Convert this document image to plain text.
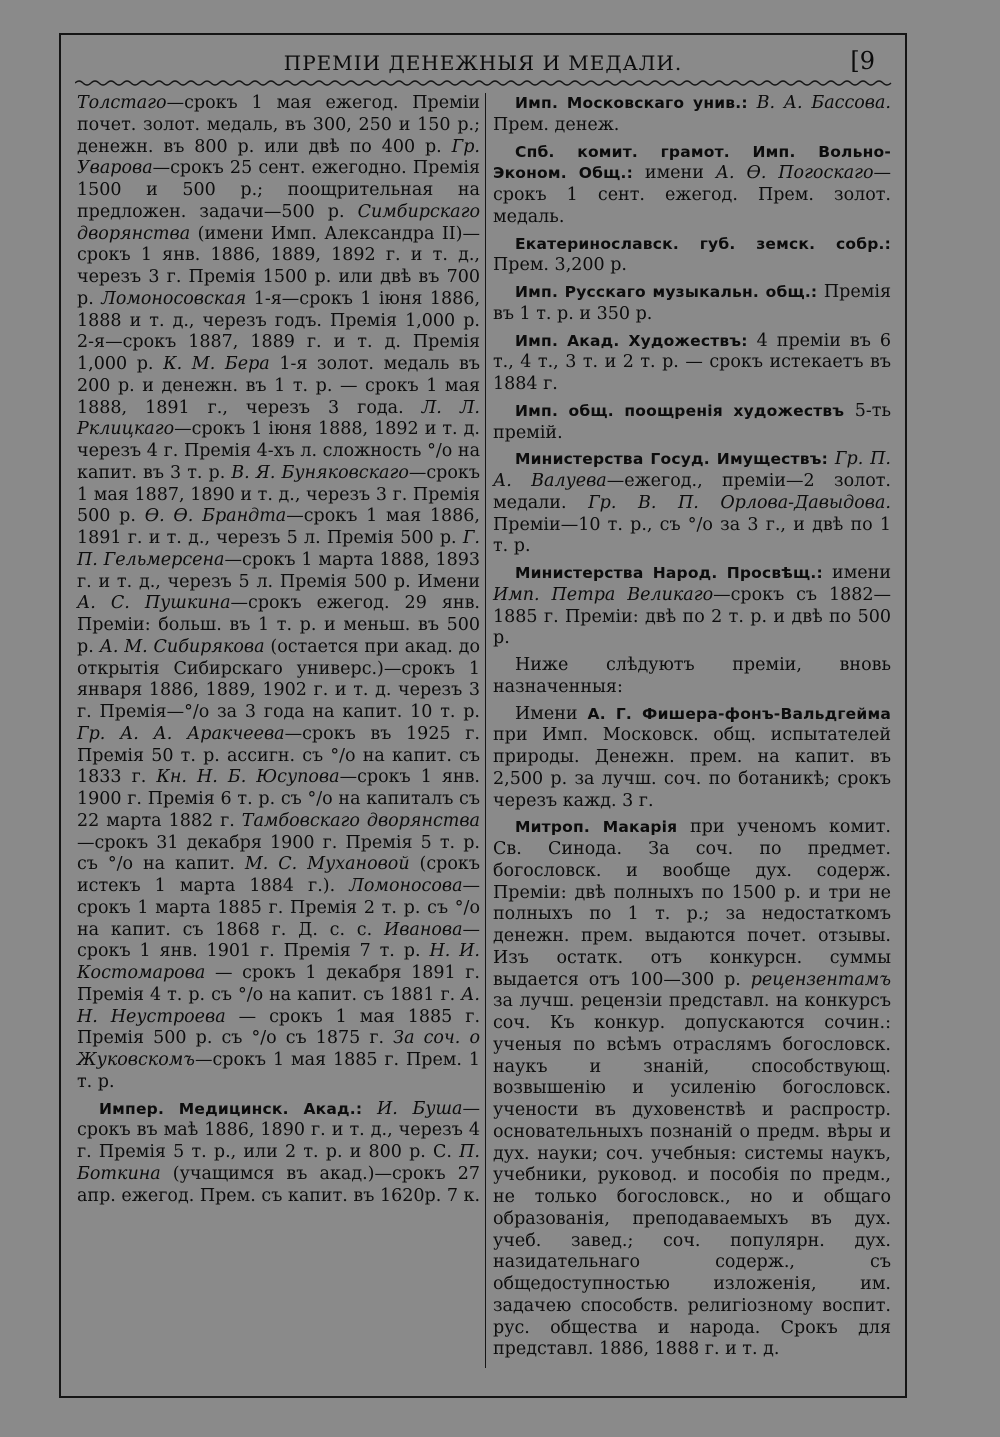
ПРЕМІИ ДЕНЕЖНЫЯ И МЕДАЛИ.	[9

Толстаго—срокъ 1 мая ежегод. Преміи почет. золот. медаль, въ 300, 250 и 150 р.; денежн. въ 800 р. или двѣ по 400 р. Гр. Уварова—срокъ 25 сент. ежегодно. Премія 1500 и 500 р.; поощрительная на предложен. задачи—500 р. Симбирскаго дворянства (имени Имп. Александра II)—срокъ 1 янв. 1886, 1889, 1892 г. и т. д., черезъ 3 г. Премія 1500 р. или двѣ въ 700 р. Ломоносовская 1-я—срокъ 1 іюня 1886, 1888 и т. д., черезъ годъ. Премія 1,000 р. 2-я—срокъ 1887, 1889 г. и т. д. Премія 1,000 р. К. М. Бера 1-я золот. медаль въ 200 р. и денежн. въ 1 т. р. — срокъ 1 мая 1888, 1891 г., черезъ 3 года. Л. Л. Рклицкаго—срокъ 1 іюня 1888, 1892 и т. д. черезъ 4 г. Премія 4-хъ л. сложность °/о на капит. въ 3 т. р. В. Я. Буняковскаго—срокъ 1 мая 1887, 1890 и т. д., черезъ 3 г. Премія 500 р. Ѳ. Ѳ. Брандта—срокъ 1 мая 1886, 1891 г. и т. д., черезъ 5 л. Премія 500 р. Г. П. Гельмерсена—срокъ 1 марта 1888, 1893 г. и т. д., черезъ 5 л. Премія 500 р. Имени А. С. Пушкина—срокъ ежегод. 29 янв. Преміи: больш. въ 1 т. р. и меньш. въ 500 р. А. М. Сибирякова (остается при акад. до открытія Сибирскаго универс.)—срокъ 1 января 1886, 1889, 1902 г. и т. д. черезъ 3 г. Премія—°/о за 3 года на капит. 10 т. р. Гр. А. А. Аракчеева—срокъ въ 1925 г. Премія 50 т. р. ассигн. съ °/о на капит. съ 1833 г. Кн. Н. Б. Юсупова—срокъ 1 янв. 1900 г. Премія 6 т. р. съ °/о на капиталъ съ 22 марта 1882 г. Тамбовскаго дворянства—срокъ 31 декабря 1900 г. Премія 5 т. р. съ °/о на капит. М. С. Мухановой (срокъ истекъ 1 марта 1884 г.). Ломоносова—срокъ 1 марта 1885 г. Премія 2 т. р. съ °/о на капит. съ 1868 г. Д. с. с. Иванова—срокъ 1 янв. 1901 г. Премія 7 т. р. Н. И. Костомарова — срокъ 1 декабря 1891 г. Премія 4 т. р. съ °/о на капит. съ 1881 г. А. Н. Неустроева — срокъ 1 мая 1885 г. Премія 500 р. съ °/о съ 1875 г. За соч. о Жуковскомъ—срокъ 1 мая 1885 г. Прем. 1 т. р.

Импер. Медицинск. Акад.: И. Буша—срокъ въ маѣ 1886, 1890 г. и т. д., черезъ 4 г. Премія 5 т. р., или 2 т. р. и 800 р. С. П. Боткина (учащимся въ акад.)—срокъ 27 апр. ежегод. Прем. съ капит. въ 1620р. 7 к.

Имп. Московскаго унив.: В. А. Бассова. Прем. денеж.

Спб. комит. грамот. Имп. Вольно-Эконом. Общ.: имени А. Ѳ. Погоскаго—срокъ 1 сент. ежегод. Прем. золот. медаль.

Екатеринославск. губ. земск. собр.: Прем. 3,200 р.

Имп. Русскаго музыкальн. общ.: Премія въ 1 т. р. и 350 р.

Имп. Акад. Художествъ: 4 преміи въ 6 т., 4 т., 3 т. и 2 т. р. — срокъ истекаетъ въ 1884 г.

Имп. общ. поощренія художествъ 5-ть премій.

Министерства Госуд. Имуществъ: Гр. П. А. Валуева—ежегод., преміи—2 золот. медали. Гр. В. П. Орлова-Давыдова. Преміи—10 т. р., съ °/о за 3 г., и двѣ по 1 т. р.

Министерства Народ. Просвѣщ.: имени Имп. Петра Великаго—срокъ съ 1882—1885 г. Преміи: двѣ по 2 т. р. и двѣ по 500 р.

Ниже слѣдуютъ преміи, вновь назначенныя:

Имени А. Г. Фишера-фонъ-Вальдгейма при Имп. Московск. общ. испытателей природы. Денежн. прем. на капит. въ 2,500 р. за лучш. соч. по ботаникѣ; срокъ черезъ кажд. 3 г.

Митроп. Макарія при ученомъ комит. Св. Синода. За соч. по предмет. богословск. и вообще дух. содерж. Преміи: двѣ полныхъ по 1500 р. и три не полныхъ по 1 т. р.; за недостаткомъ денежн. прем. выдаются почет. отзывы. Изъ остатк. отъ конкурсн. суммы выдается отъ 100—300 р. рецензентамъ за лучш. рецензіи представл. на конкурсъ соч. Къ конкур. допускаются сочин.: ученыя по всѣмъ отраслямъ богословск. наукъ и знаній, способствующ. возвышенію и усиленію богословск. учености въ духовенствѣ и распростр. основательныхъ познаній о предм. вѣры и дух. науки; соч. учебныя: системы наукъ, учебники, руковод. и пособія по предм., не только богословск., но и общаго образованія, преподаваемыхъ въ дух. учеб. завед.; соч. популярн. дух. назидательнаго содерж., съ общедоступностью изложенія, им. задачею способств. религіозному воспит. рус. общества и народа. Срокъ для представл. 1886, 1888 г. и т. д.
